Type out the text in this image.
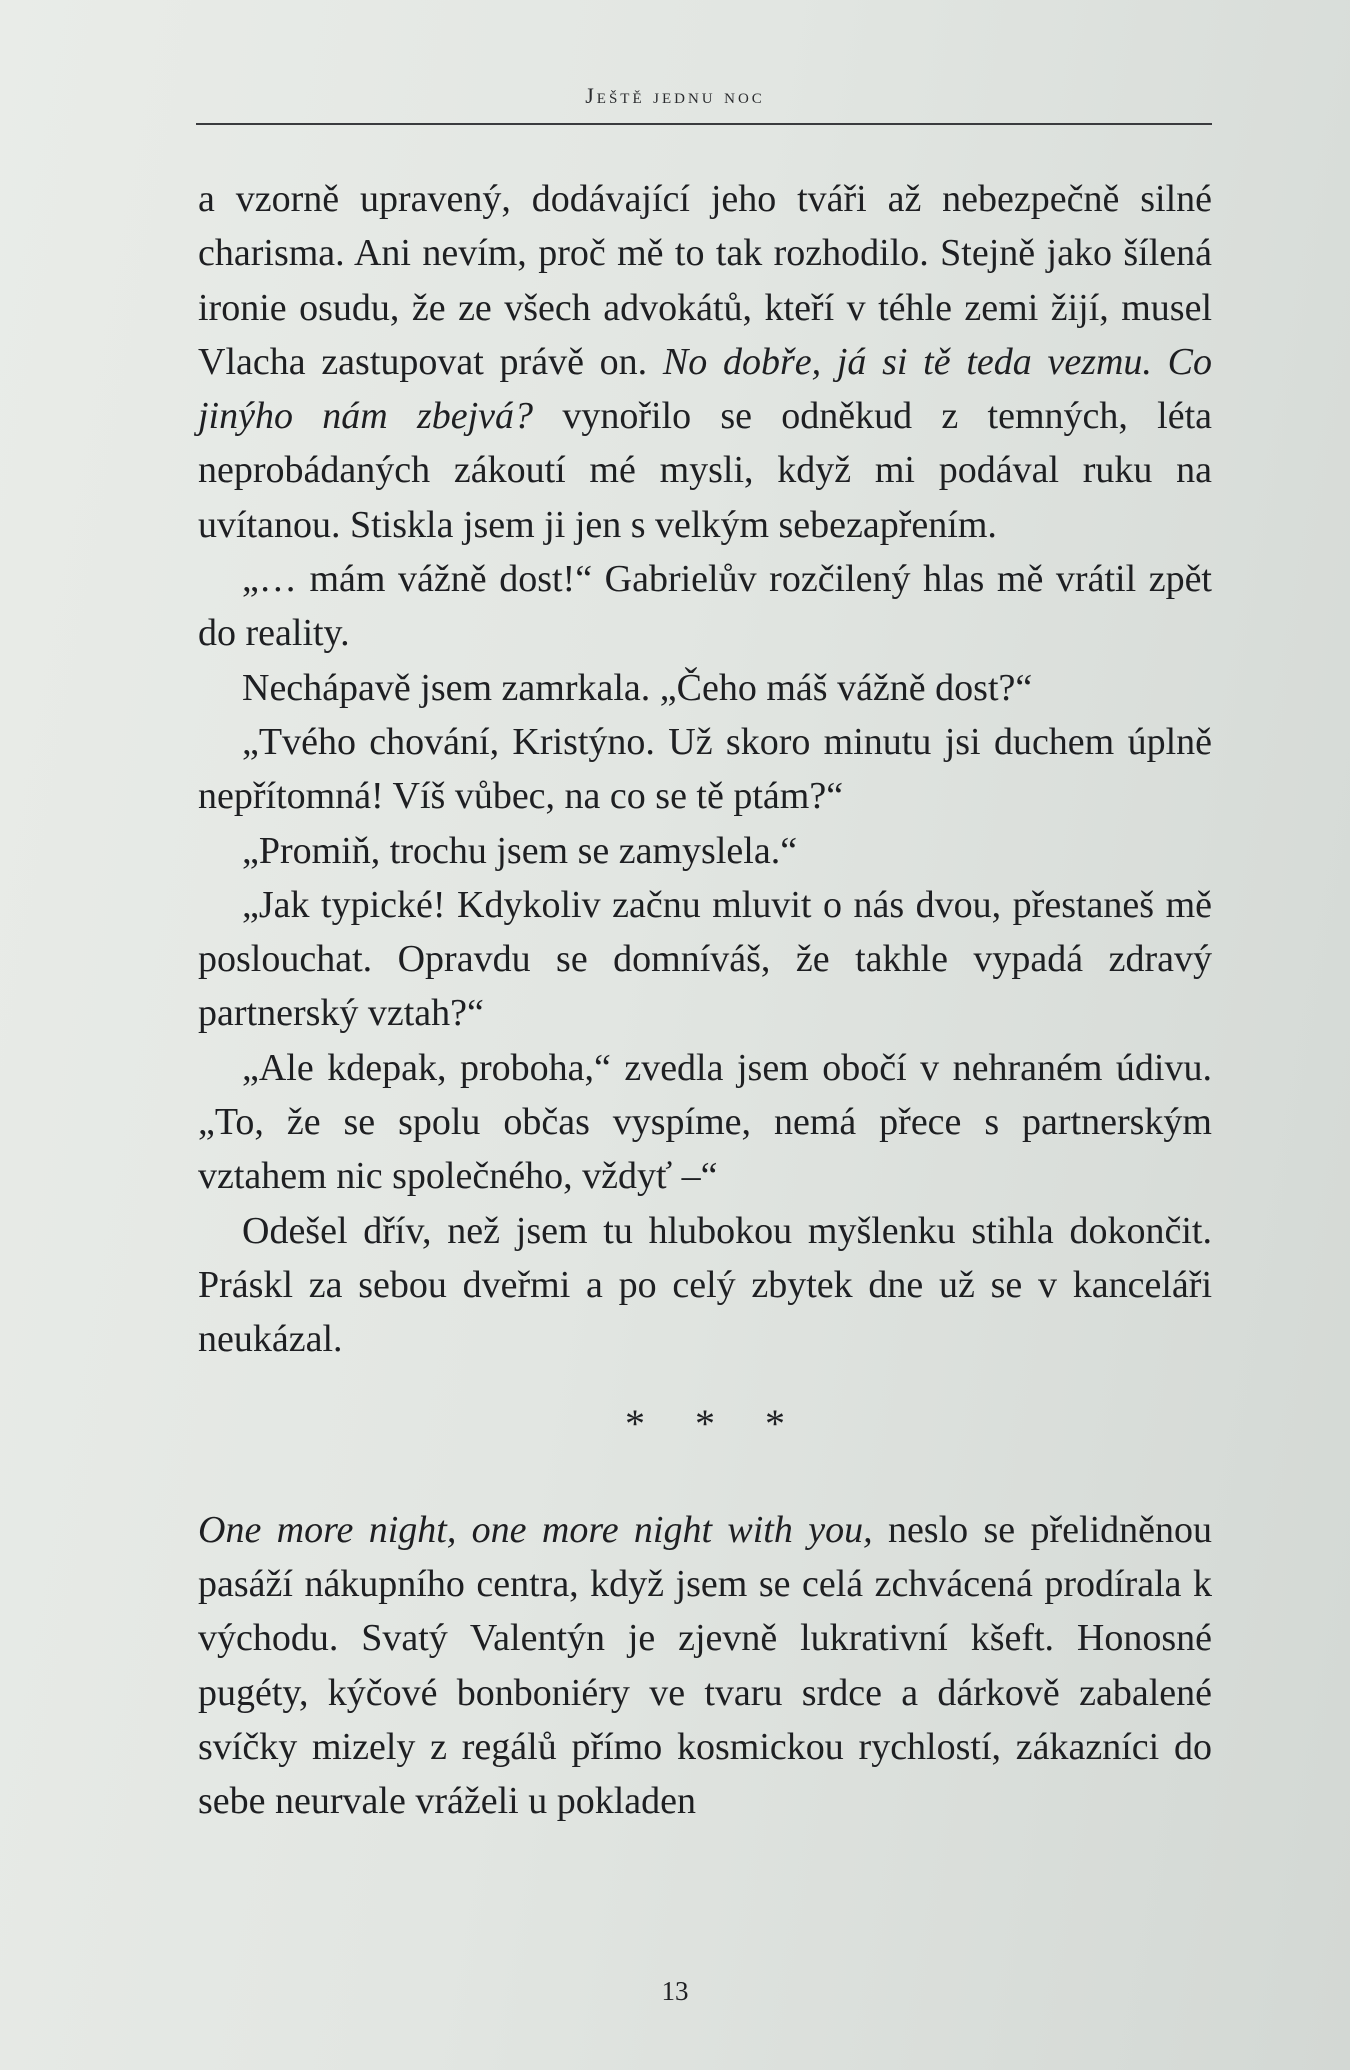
Ještě jednu noc

a vzorně upravený, dodávající jeho tváři až nebezpečně silné charisma. Ani nevím, proč mě to tak rozhodilo. Stejně jako šílená ironie osudu, že ze všech advokátů, kteří v téhle zemi žijí, musel Vlacha zastupovat právě on. No dobře, já si tě teda vezmu. Co jinýho nám zbejvá? vynořilo se odněkud z temných, léta neprobádaných zákoutí mé mysli, když mi podával ruku na uvítanou. Stiskla jsem ji jen s velkým sebezapřením.

„… mám vážně dost!“ Gabrielův rozčilený hlas mě vrátil zpět do reality.

Nechápavě jsem zamrkala. „Čeho máš vážně dost?“

„Tvého chování, Kristýno. Už skoro minutu jsi duchem úplně nepřítomná! Víš vůbec, na co se tě ptám?“

„Promiň, trochu jsem se zamyslela.“

„Jak typické! Kdykoliv začnu mluvit o nás dvou, přestaneš mě poslouchat. Opravdu se domníváš, že takhle vypadá zdravý partnerský vztah?“

„Ale kdepak, proboha,“ zvedla jsem obočí v nehraném údivu. „To, že se spolu občas vyspíme, nemá přece s partnerským vztahem nic společného, vždyť –“

Odešel dřív, než jsem tu hlubokou myšlenku stihla dokončit. Práskl za sebou dveřmi a po celý zbytek dne už se v kanceláři neukázal.

* * *

One more night, one more night with you, neslo se přelidněnou pasáží nákupního centra, když jsem se celá zchvácená prodírala k východu. Svatý Valentýn je zjevně lukrativní kšeft. Honosné pugéty, kýčové bonboniéry ve tvaru srdce a dárkově zabalené svíčky mizely z regálů přímo kosmickou rychlostí, zákazníci do sebe neurvale vráželi u pokladen

13
